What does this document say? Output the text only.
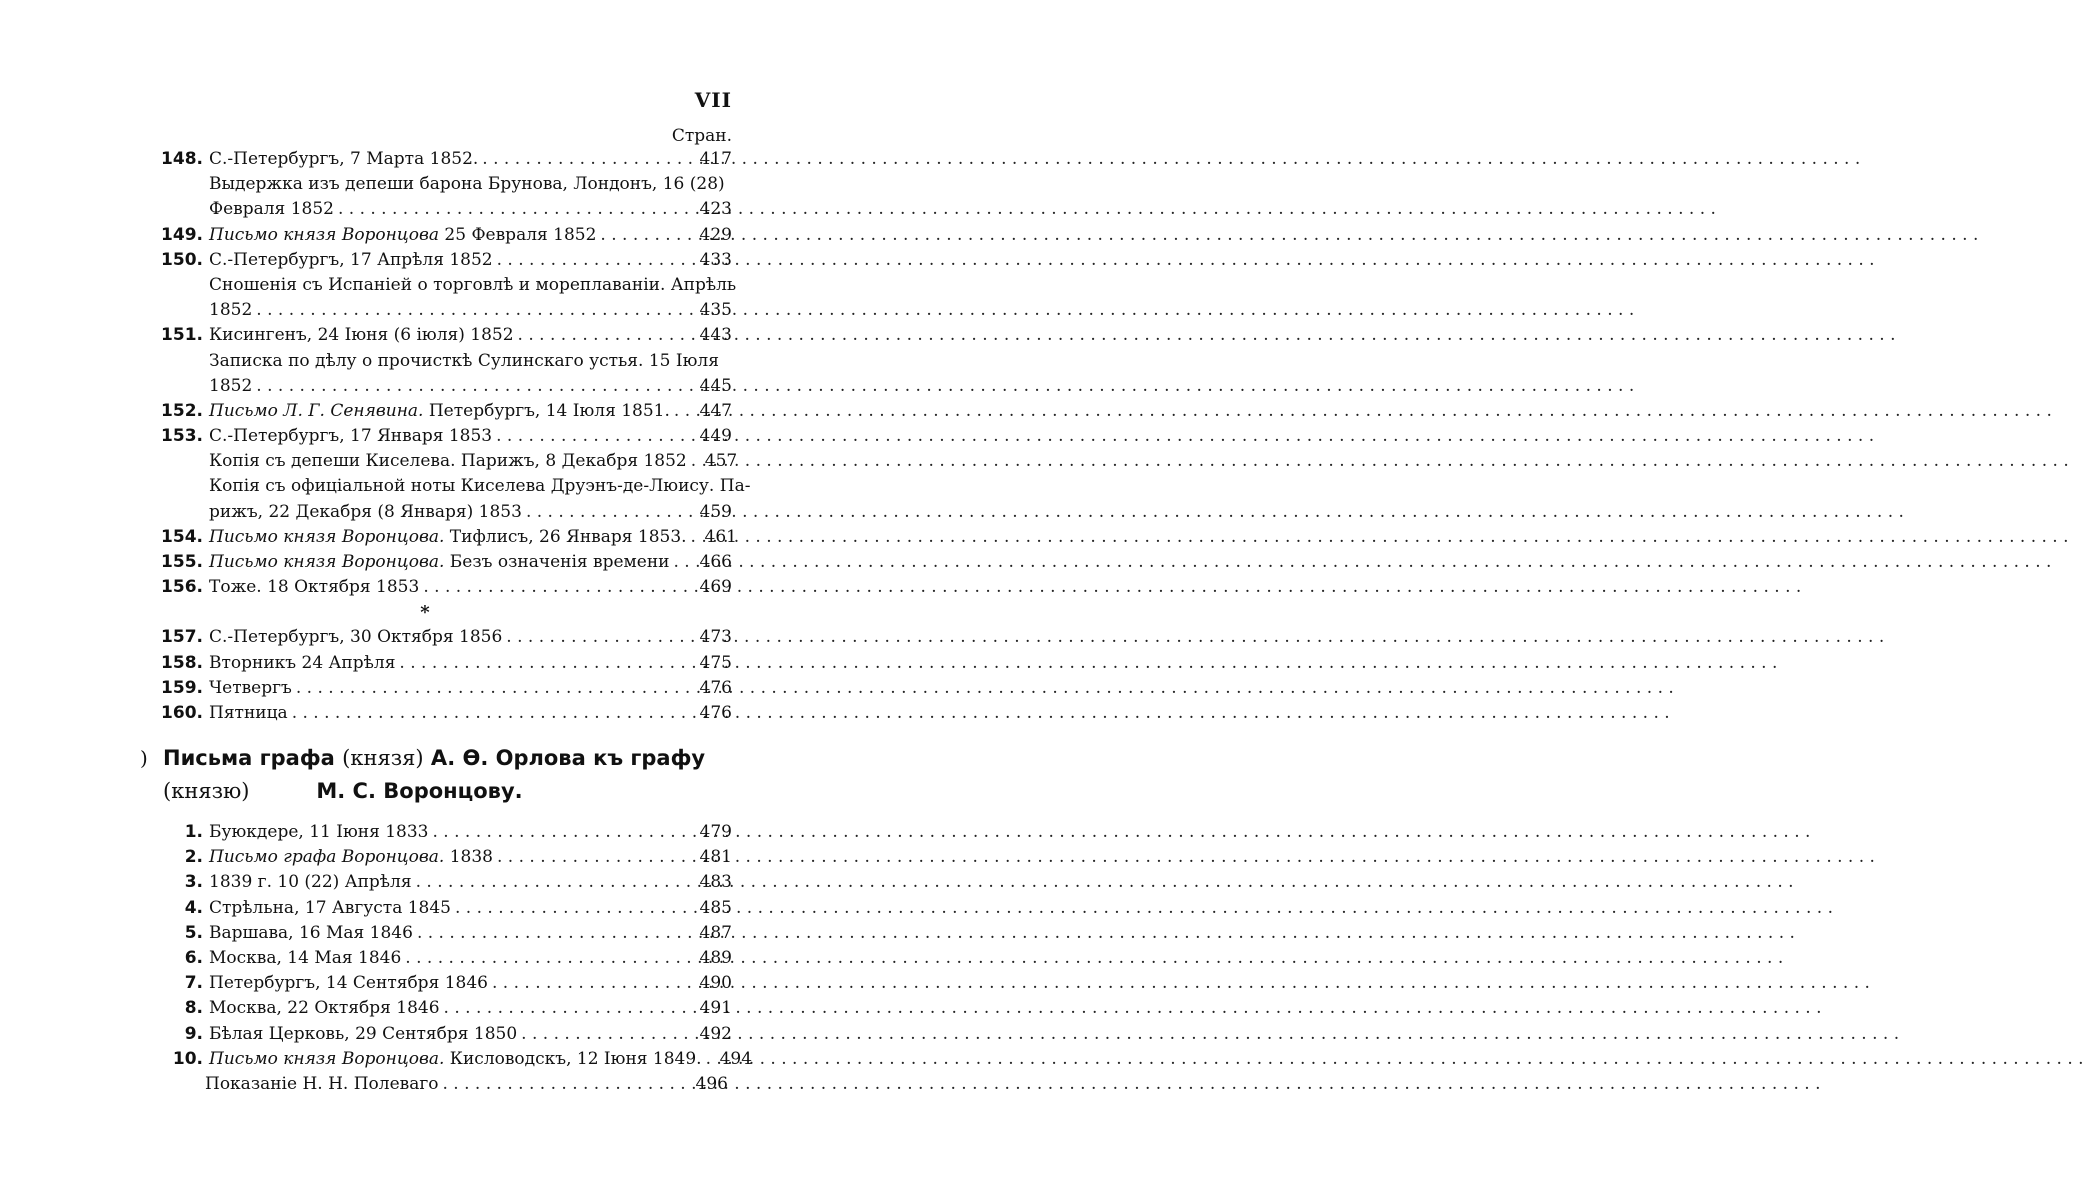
VII
Стран.
148. С.-Петербургъ, 7 Марта 1852. . . .	417
Выдержка изъ депеши барона Брунова, Лондонъ, 16 (28)
Февраля 1852 . . .	423
149. Письмо князя Воронцова 25 Февраля 1852 . . .	429
150. С.-Петербургъ, 17 Апрѣля 1852 . . .	433
Сношенія съ Испаніей о торговлѣ и мореплаваніи. Апрѣль
1852 . . .	435
151. Кисингенъ, 24 Іюня (6 іюля) 1852 . . .	443
Записка по дѣлу о прочисткѣ Сулинскаго устья. 15 Іюля
1852 . . .	445
152. Письмо Л. Г. Сенявина. Петербургъ, 14 Іюля 1851. . . . 447
153. С.-Петербургъ, 17 Января 1853 . . .	449
Копія съ депеши Киселева. Парижъ, 8 Декабря 1852 . . . 457
Копія съ офиціальной ноты Киселева Друэнъ-де-Люису. Па-
рижъ, 22 Декабря (8 Января) 1853 . . .	459
154. Письмо князя Воронцова. Тифлисъ, 26 Января 1853. . . . 461
155. Письмо князя Воронцова. Безъ означенія времени . . . 466
156. Тоже. 18 Октября 1853 . . .	469
*
157. С.-Петербургъ, 30 Октября 1856 . . .	473
158. Вторникъ 24 Апрѣля . . .	475
159. Четвергъ . . .	476
160. Пятница . . .	476
) Письма графа (князя) А. Ѳ. Орлова къ графу (князю)	М. С. Воронцову.
1. Буюкдере, 11 Іюня 1833 . . .	479
2. Письмо графа Воронцова. 1838 . . .	481
3. 1839 г. 10 (22) Апрѣля . . .	483
4. Стрѣльна, 17 Августа 1845 . . .	485
5. Варшава, 16 Мая 1846 . . .	487
6. Москва, 14 Мая 1846 . . .	489
7. Петербургъ, 14 Сентября 1846 . . .	490
8. Москва, 22 Октября 1846 . . .	491
9. Бѣлая Церковь, 29 Сентября 1850 . . .	492
10. Письмо князя Воронцова. Кисловодскъ, 12 Іюня 1849. . . . 494
Показаніе Н. Н. Полеваго . . .	496
